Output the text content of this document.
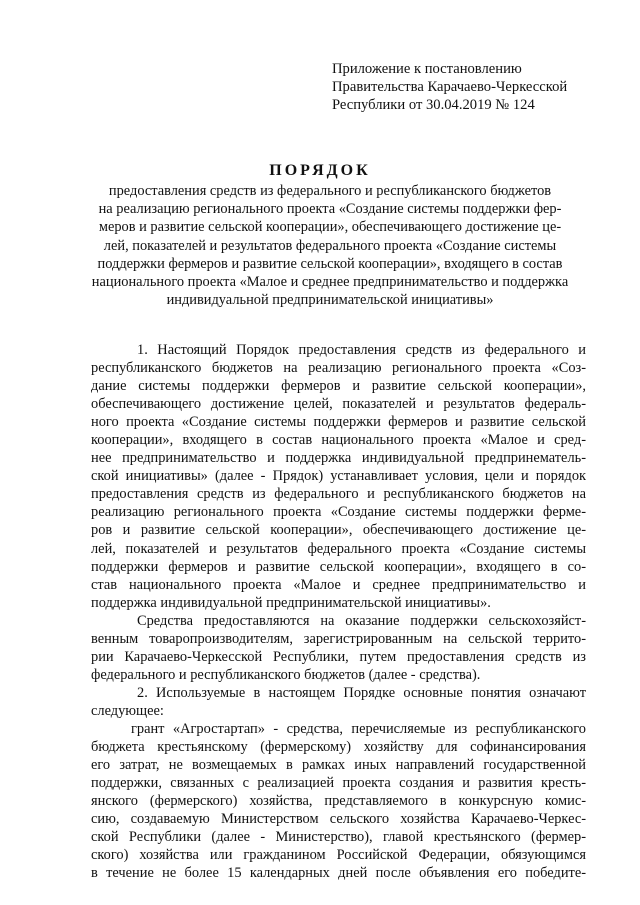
Приложение к постановлению
Правительства Карачаево-Черкесской
Республики от 30.04.2019 № 124
ПОРЯДОК
предоставления средств из федерального и республиканского бюджетов
на реализацию регионального проекта «Создание системы поддержки фер-
меров и развитие сельской кооперации», обеспечивающего достижение це-
лей, показателей и результатов федерального проекта «Создание системы
поддержки фермеров и развитие сельской кооперации», входящего в состав
национального проекта «Малое и среднее предпринимательство и поддержка
индивидуальной предпринимательской инициативы»
1. Настоящий Порядок предоставления средств из федерального и
республиканского бюджетов на реализацию регионального проекта «Соз-
дание системы поддержки фермеров и развитие сельской кооперации»,
обеспечивающего достижение целей, показателей и результатов федераль-
ного проекта «Создание системы поддержки фермеров и развитие сельской
кооперации», входящего в состав национального проекта «Малое и сред-
нее предпринимательство и поддержка индивидуальной предпринематель-
ской инициативы» (далее - Прядок) устанавливает условия, цели и порядок
предоставления средств из федерального и республиканского бюджетов на
реализацию регионального проекта «Создание системы поддержки ферме-
ров и развитие сельской кооперации», обеспечивающего достижение це-
лей, показателей и результатов федерального проекта «Создание системы
поддержки фермеров и развитие сельской кооперации», входящего в со-
став национального проекта «Малое и среднее предпринимательство и
поддержка индивидуальной предпринимательской инициативы».
Средства предоставляются на оказание поддержки сельскохозяйст-
венным товаропроизводителям, зарегистрированным на сельской террито-
рии Карачаево-Черкесской Республики, путем предоставления средств из
федерального и республиканского бюджетов (далее - средства).
2. Используемые в настоящем Порядке основные понятия означают
следующее:
грант «Агростартап» - средства, перечисляемые из республиканского
бюджета крестьянскому (фермерскому) хозяйству для софинансирования
его затрат, не возмещаемых в рамках иных направлений государственной
поддержки, связанных с реализацией проекта создания и развития кресть-
янского (фермерского) хозяйства, представляемого в конкурсную комис-
сию, создаваемую Министерством сельского хозяйства Карачаево-Черкес-
ской Республики (далее - Министерство), главой крестьянского (фермер-
ского) хозяйства или гражданином Российской Федерации, обязующимся
в течение не более 15 календарных дней после объявления его победите-
